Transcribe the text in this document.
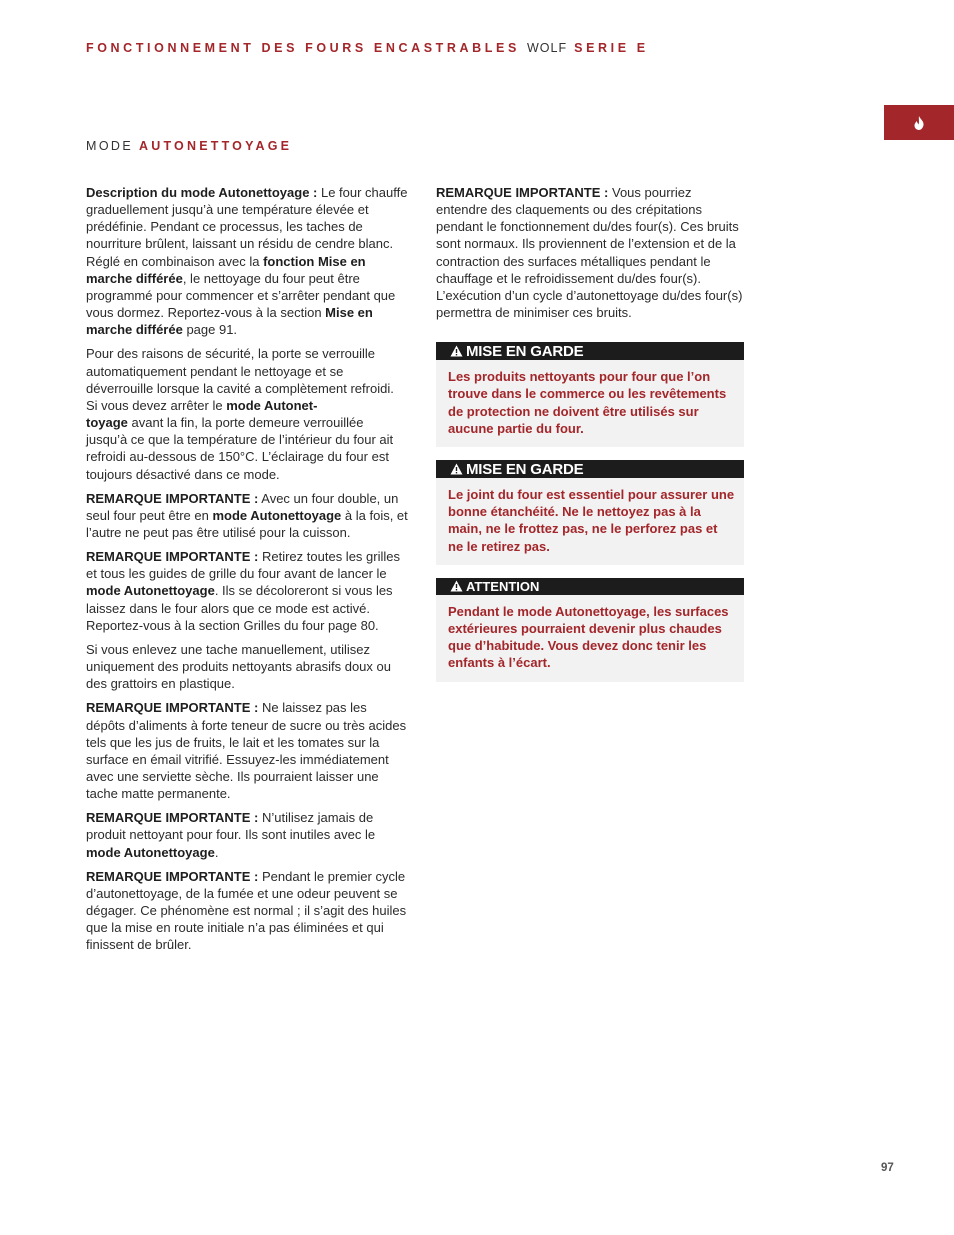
FONCTIONNEMENT DES FOURS ENCASTRABLES WOLF SERIE E
MODE AUTONETTOYAGE

Description du mode Autonettoyage : Le four chauffe graduellement jusqu’à une température élevée et prédéfinie. Pendant ce processus, les taches de nourriture brûlent, laissant un résidu de cendre blanc. Réglé en combinaison avec la fonction Mise en marche différée, le nettoyage du four peut être programmé pour commencer et s’arrêter pendant que vous dormez. Reportez-vous à la section Mise en marche différée page 91.

Pour des raisons de sécurité, la porte se verrouille automatiquement pendant le nettoyage et se déverrouille lorsque la cavité a complètement refroidi. Si vous devez arrêter le mode Autonet-
toyage avant la fin, la porte demeure verrouillée jusqu’à ce que la température de l’intérieur du four ait refroidi au-dessous de 150°C. L’éclairage du four est toujours désactivé dans ce mode.

REMARQUE IMPORTANTE : Avec un four double, un seul four peut être en mode Autonettoyage à la fois, et l’autre ne peut pas être utilisé pour la cuisson.

REMARQUE IMPORTANTE : Retirez toutes les grilles et tous les guides de grille du four avant de lancer le mode Autonettoyage. Ils se décoloreront si vous les laissez dans le four alors que ce mode est activé. Reportez-vous à la section Grilles du four page 80.

Si vous enlevez une tache manuellement, utilisez uniquement des produits nettoyants abrasifs doux ou des grattoirs en plastique.

REMARQUE IMPORTANTE : Ne laissez pas les dépôts d’aliments à forte teneur de sucre ou très acides tels que les jus de fruits, le lait et les tomates sur la surface en émail vitrifié. Essuyez-les immédiatement avec une serviette sèche. Ils pourraient laisser une tache matte permanente.

REMARQUE IMPORTANTE : N’utilisez jamais de produit nettoyant pour four. Ils sont inutiles avec le mode Autonettoyage.

REMARQUE IMPORTANTE : Pendant le premier cycle d’autonettoyage, de la fumée et une odeur peuvent se dégager. Ce phénomène est normal ; il s’agit des huiles que la mise en route initiale n’a pas éliminées et qui finissent de brûler.

REMARQUE IMPORTANTE : Vous pourriez entendre des claquements ou des crépitations pendant le fonctionnement du/des four(s). Ces bruits sont normaux. Ils proviennent de l’extension et de la contraction des surfaces métalliques pendant le chauffage et le refroidissement du/des four(s). L’exécution d’un cycle d’autonettoyage du/des four(s) permettra de minimiser ces bruits.

MISE EN GARDE
Les produits nettoyants pour four que l’on trouve dans le commerce ou les revêtements de protection ne doivent être utilisés sur aucune partie du four.
MISE EN GARDE
Le joint du four est essentiel pour assurer une bonne étanchéité. Ne le nettoyez pas à la main, ne le frottez pas, ne le perforez pas et ne le retirez pas.
ATTENTION
Pendant le mode Autonettoyage, les surfaces extérieures pourraient devenir plus chaudes que d’habitude. Vous devez donc tenir les enfants à l’écart.
97
